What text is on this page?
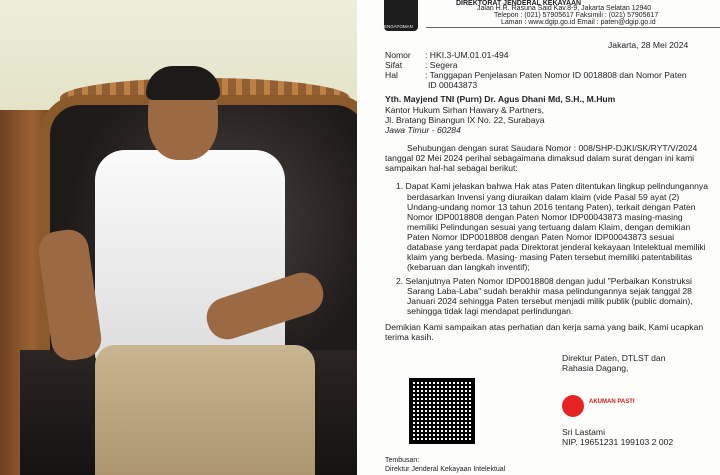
PENGAYOMAN
DIREKTORAT JENDERAL KEKAYAAN
Jalan H.R. Rasuna Said Kav.8-9, Jakarta Selatan 12940
Telepon : (021) 57905617 Faksimili : (021) 57905617
Laman : www.dgip.go.id Email : paten@dgip.go.id
Jakarta, 28 Mei 2024
Nomor : HKI.3-UM.01.01-494
Sifat	: Segera
Hal	: Tanggapan Penjelasan Paten Nomor ID 0018808 dan Nomor Paten
ID 00043873
Yth. Mayjend TNI (Purn) Dr. Agus Dhani Md, S.H., M.Hum
Kantor Hukum Sirhan Hawary & Partners,
Jl. Bratang Binangun IX No. 22, Surabaya
Jawa Timur - 60284
Sehubungan dengan surat Saudara Nomor : 008/SHP-DJKI/SK/RYT/V/2024
tanggal 02 Mei 2024 perihal sebagaimana dimaksud dalam surat dengan ini kami
sampaikan hal-hal sebagai berikut:
1. Dapat Kami jelaskan bahwa Hak atas Paten ditentukan lingkup pelindungannya
berdasarkan Invensi yang diuraikan dalam klaim (vide Pasal 59 ayat (2)
Undang-undang nomor 13 tahun 2016 tentang Paten), terkait dengan Paten
Nomor IDP0018808 dengan Paten Nomor IDP00043873 masing-masing
memiliki Pelindungan sesuai yang tertuang dalam Klaim, dengan demikian
Paten Nomor IDP0018808 dengan Paten Nomor IDP00043873 sesuai
database yang terdapat pada Direktorat jenderal kekayaan Intelektual memiliki
klaim yang berbeda. Masing- masing Paten tersebut memiliki patentabilitas
(kebaruan dan langkah inventif);
2. Selanjutnya Paten Nomor IDP0018808 dengan judul "Perbaikan Konstruksi
Sarang Laba-Laba" sudah berakhir masa pelindungannya sejak tanggal 28
Januari 2024 sehingga Paten tersebut menjadi milik publik (public domain),
sehingga tidak lagi mendapat perlindungan.
Demikian Kami sampaikan atas perhatian dan kerja sama yang baik, Kami ucapkan
terima kasih.
Direktur Paten, DTLST dan
Rahasia Dagang,
AKUMAN PASTI
Sri Lastami
NIP. 19651231 199103 2 002
Tembusan:
Direktur Jenderal Kekayaan Intelektual
